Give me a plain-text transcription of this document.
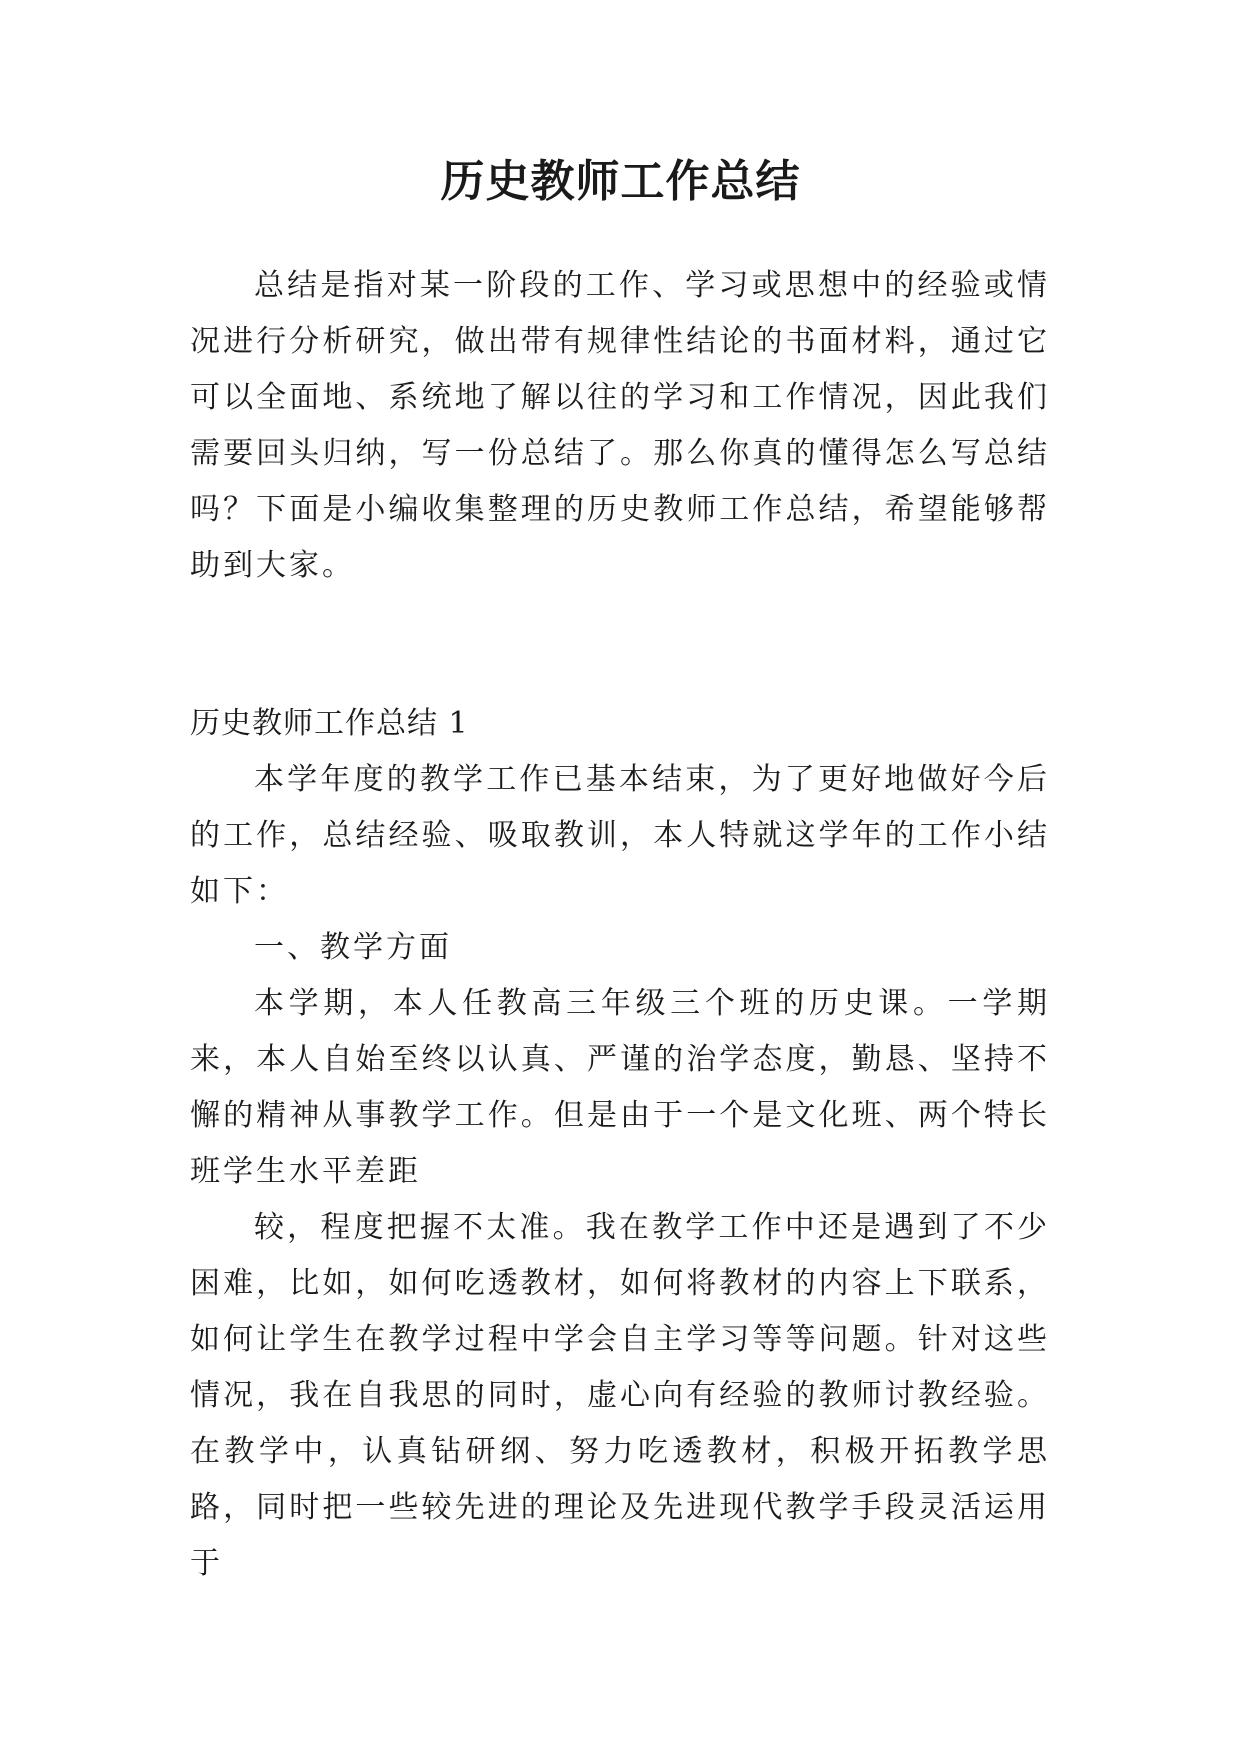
历史教师工作总结

总结是指对某一阶段的工作、学习或思想中的经验或情况进行分析研究，做出带有规律性结论的书面材料，通过它可以全面地、系统地了解以往的学习和工作情况，因此我们需要回头归纳，写一份总结了。那么你真的懂得怎么写总结吗？下面是小编收集整理的历史教师工作总结，希望能够帮助到大家。

历史教师工作总结 1

本学年度的教学工作已基本结束，为了更好地做好今后的工作，总结经验、吸取教训，本人特就这学年的工作小结如下：

一、教学方面

本学期，本人任教高三年级三个班的历史课。一学期来，本人自始至终以认真、严谨的治学态度，勤恳、坚持不懈的精神从事教学工作。但是由于一个是文化班、两个特长班学生水平差距

较，程度把握不太准。我在教学工作中还是遇到了不少困难，比如，如何吃透教材，如何将教材的内容上下联系，如何让学生在教学过程中学会自主学习等等问题。针对这些情况，我在自我思的同时，虚心向有经验的教师讨教经验。在教学中，认真钻研纲、努力吃透教材，积极开拓教学思路，同时把一些较先进的理论及先进现代教学手段灵活运用于
